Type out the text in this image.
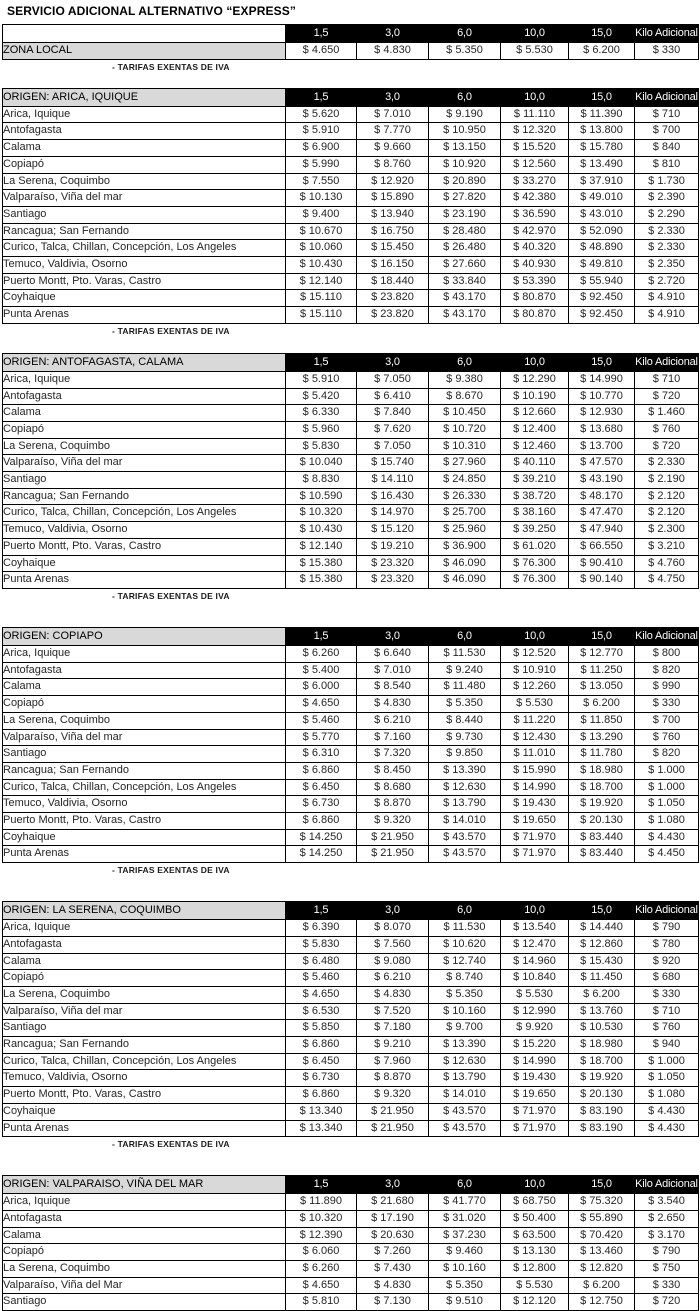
SERVICIO ADICIONAL ALTERNATIVO “EXPRESS”
	1,5	3,0	6,0	10,0	15,0	Kilo Adicional
ZONA LOCAL	$ 4.650	$ 4.830	$ 5.350	$ 5.530	$ 6.200	$ 330
- TARIFAS EXENTAS DE IVA
ORIGEN: ARICA, IQUIQUE	1,5	3,0	6,0	10,0	15,0	Kilo Adicional
Arica, Iquique	$ 5.620	$ 7.010	$ 9.190	$ 11.110	$ 11.390	$ 710
Antofagasta	$ 5.910	$ 7.770	$ 10.950	$ 12.320	$ 13.800	$ 700
Calama	$ 6.900	$ 9.660	$ 13.150	$ 15.520	$ 15.780	$ 840
Copiapó	$ 5.990	$ 8.760	$ 10.920	$ 12.560	$ 13.490	$ 810
La Serena, Coquimbo	$ 7.550	$ 12.920	$ 20.890	$ 33.270	$ 37.910	$ 1.730
Valparaíso, Viña del mar	$ 10.130	$ 15.890	$ 27.820	$ 42.380	$ 49.010	$ 2.390
Santiago	$ 9.400	$ 13.940	$ 23.190	$ 36.590	$ 43.010	$ 2.290
Rancagua; San Fernando	$ 10.670	$ 16.750	$ 28.480	$ 42.970	$ 52.090	$ 2.330
Curico, Talca, Chillan, Concepción, Los Angeles	$ 10.060	$ 15.450	$ 26.480	$ 40.320	$ 48.890	$ 2.330
Temuco, Valdivia, Osorno	$ 10.430	$ 16.150	$ 27.660	$ 40.930	$ 49.810	$ 2.350
Puerto Montt, Pto. Varas, Castro	$ 12.140	$ 18.440	$ 33.840	$ 53.390	$ 55.940	$ 2.720
Coyhaique	$ 15.110	$ 23.820	$ 43.170	$ 80.870	$ 92.450	$ 4.910
Punta Arenas	$ 15.110	$ 23.820	$ 43.170	$ 80.870	$ 92.450	$ 4.910
- TARIFAS EXENTAS DE IVA
ORIGEN: ANTOFAGASTA, CALAMA	1,5	3,0	6,0	10,0	15,0	Kilo Adicional
Arica, Iquique	$ 5.910	$ 7.050	$ 9.380	$ 12.290	$ 14.990	$ 710
Antofagasta	$ 5.420	$ 6.410	$ 8.670	$ 10.190	$ 10.770	$ 720
Calama	$ 6.330	$ 7.840	$ 10.450	$ 12.660	$ 12.930	$ 1.460
Copiapó	$ 5.960	$ 7.620	$ 10.720	$ 12.400	$ 13.680	$ 760
La Serena, Coquimbo	$ 5.830	$ 7.050	$ 10.310	$ 12.460	$ 13.700	$ 720
Valparaíso, Viña del mar	$ 10.040	$ 15.740	$ 27.960	$ 40.110	$ 47.570	$ 2.330
Santiago	$ 8.830	$ 14.110	$ 24.850	$ 39.210	$ 43.190	$ 2.190
Rancagua; San Fernando	$ 10.590	$ 16.430	$ 26.330	$ 38.720	$ 48.170	$ 2.120
Curico, Talca, Chillan, Concepción, Los Angeles	$ 10.320	$ 14.970	$ 25.700	$ 38.160	$ 47.470	$ 2.120
Temuco, Valdivia, Osorno	$ 10.430	$ 15.120	$ 25.960	$ 39.250	$ 47.940	$ 2.300
Puerto Montt, Pto. Varas, Castro	$ 12.140	$ 19.210	$ 36.900	$ 61.020	$ 66.550	$ 3.210
Coyhaique	$ 15.380	$ 23.320	$ 46.090	$ 76.300	$ 90.410	$ 4.760
Punta Arenas	$ 15.380	$ 23.320	$ 46.090	$ 76.300	$ 90.140	$ 4.750
- TARIFAS EXENTAS DE IVA
ORIGEN: COPIAPO	1,5	3,0	6,0	10,0	15,0	Kilo Adicional
Arica, Iquique	$ 6.260	$ 6.640	$ 11.530	$ 12.520	$ 12.770	$ 800
Antofagasta	$ 5.400	$ 7.010	$ 9.240	$ 10.910	$ 11.250	$ 820
Calama	$ 6.000	$ 8.540	$ 11.480	$ 12.260	$ 13.050	$ 990
Copiapó	$ 4.650	$ 4.830	$ 5.350	$ 5.530	$ 6.200	$ 330
La Serena, Coquimbo	$ 5.460	$ 6.210	$ 8.440	$ 11.220	$ 11.850	$ 700
Valparaíso, Viña del mar	$ 5.770	$ 7.160	$ 9.730	$ 12.430	$ 13.290	$ 760
Santiago	$ 6.310	$ 7.320	$ 9.850	$ 11.010	$ 11.780	$ 820
Rancagua; San Fernando	$ 6.860	$ 8.450	$ 13.390	$ 15.990	$ 18.980	$ 1.000
Curico, Talca, Chillan, Concepción, Los Angeles	$ 6.450	$ 8.680	$ 12.630	$ 14.990	$ 18.700	$ 1.000
Temuco, Valdivia, Osorno	$ 6.730	$ 8.870	$ 13.790	$ 19.430	$ 19.920	$ 1.050
Puerto Montt, Pto. Varas, Castro	$ 6.860	$ 9.320	$ 14.010	$ 19.650	$ 20.130	$ 1.080
Coyhaique	$ 14.250	$ 21.950	$ 43.570	$ 71.970	$ 83.440	$ 4.430
Punta Arenas	$ 14.250	$ 21.950	$ 43.570	$ 71.970	$ 83.440	$ 4.450
- TARIFAS EXENTAS DE IVA
ORIGEN: LA SERENA, COQUIMBO	1,5	3,0	6,0	10,0	15,0	Kilo Adicional
Arica, Iquique	$ 6.390	$ 8.070	$ 11.530	$ 13.540	$ 14.440	$ 790
Antofagasta	$ 5.830	$ 7.560	$ 10.620	$ 12.470	$ 12.860	$ 780
Calama	$ 6.480	$ 9.080	$ 12.740	$ 14.960	$ 15.430	$ 920
Copiapó	$ 5.460	$ 6.210	$ 8.740	$ 10.840	$ 11.450	$ 680
La Serena, Coquimbo	$ 4.650	$ 4.830	$ 5.350	$ 5.530	$ 6.200	$ 330
Valparaíso, Viña del mar	$ 6.530	$ 7.520	$ 10.160	$ 12.990	$ 13.760	$ 710
Santiago	$ 5.850	$ 7.180	$ 9.700	$ 9.920	$ 10.530	$ 760
Rancagua; San Fernando	$ 6.860	$ 9.210	$ 13.390	$ 15.220	$ 18.980	$ 940
Curico, Talca, Chillan, Concepción, Los Angeles	$ 6.450	$ 7.960	$ 12.630	$ 14.990	$ 18.700	$ 1.000
Temuco, Valdivia, Osorno	$ 6.730	$ 8.870	$ 13.790	$ 19.430	$ 19.920	$ 1.050
Puerto Montt, Pto. Varas, Castro	$ 6.860	$ 9.320	$ 14.010	$ 19.650	$ 20.130	$ 1.080
Coyhaique	$ 13.340	$ 21.950	$ 43.570	$ 71.970	$ 83.190	$ 4.430
Punta Arenas	$ 13.340	$ 21.950	$ 43.570	$ 71.970	$ 83.190	$ 4.430
- TARIFAS EXENTAS DE IVA
ORIGEN: VALPARAISO, VIÑA DEL MAR	1,5	3,0	6,0	10,0	15,0	Kilo Adicional
Arica, Iquique	$ 11.890	$ 21.680	$ 41.770	$ 68.750	$ 75.320	$ 3.540
Antofagasta	$ 10.320	$ 17.190	$ 31.020	$ 50.400	$ 55.890	$ 2.650
Calama	$ 12.390	$ 20.630	$ 37.230	$ 63.500	$ 70.420	$ 3.170
Copiapó	$ 6.060	$ 7.260	$ 9.460	$ 13.130	$ 13.460	$ 790
La Serena, Coquimbo	$ 6.260	$ 7.430	$ 10.160	$ 12.800	$ 12.820	$ 750
Valparaíso, Viña del Mar	$ 4.650	$ 4.830	$ 5.350	$ 5.530	$ 6.200	$ 330
Santiago	$ 5.810	$ 7.130	$ 9.510	$ 12.120	$ 12.750	$ 720
